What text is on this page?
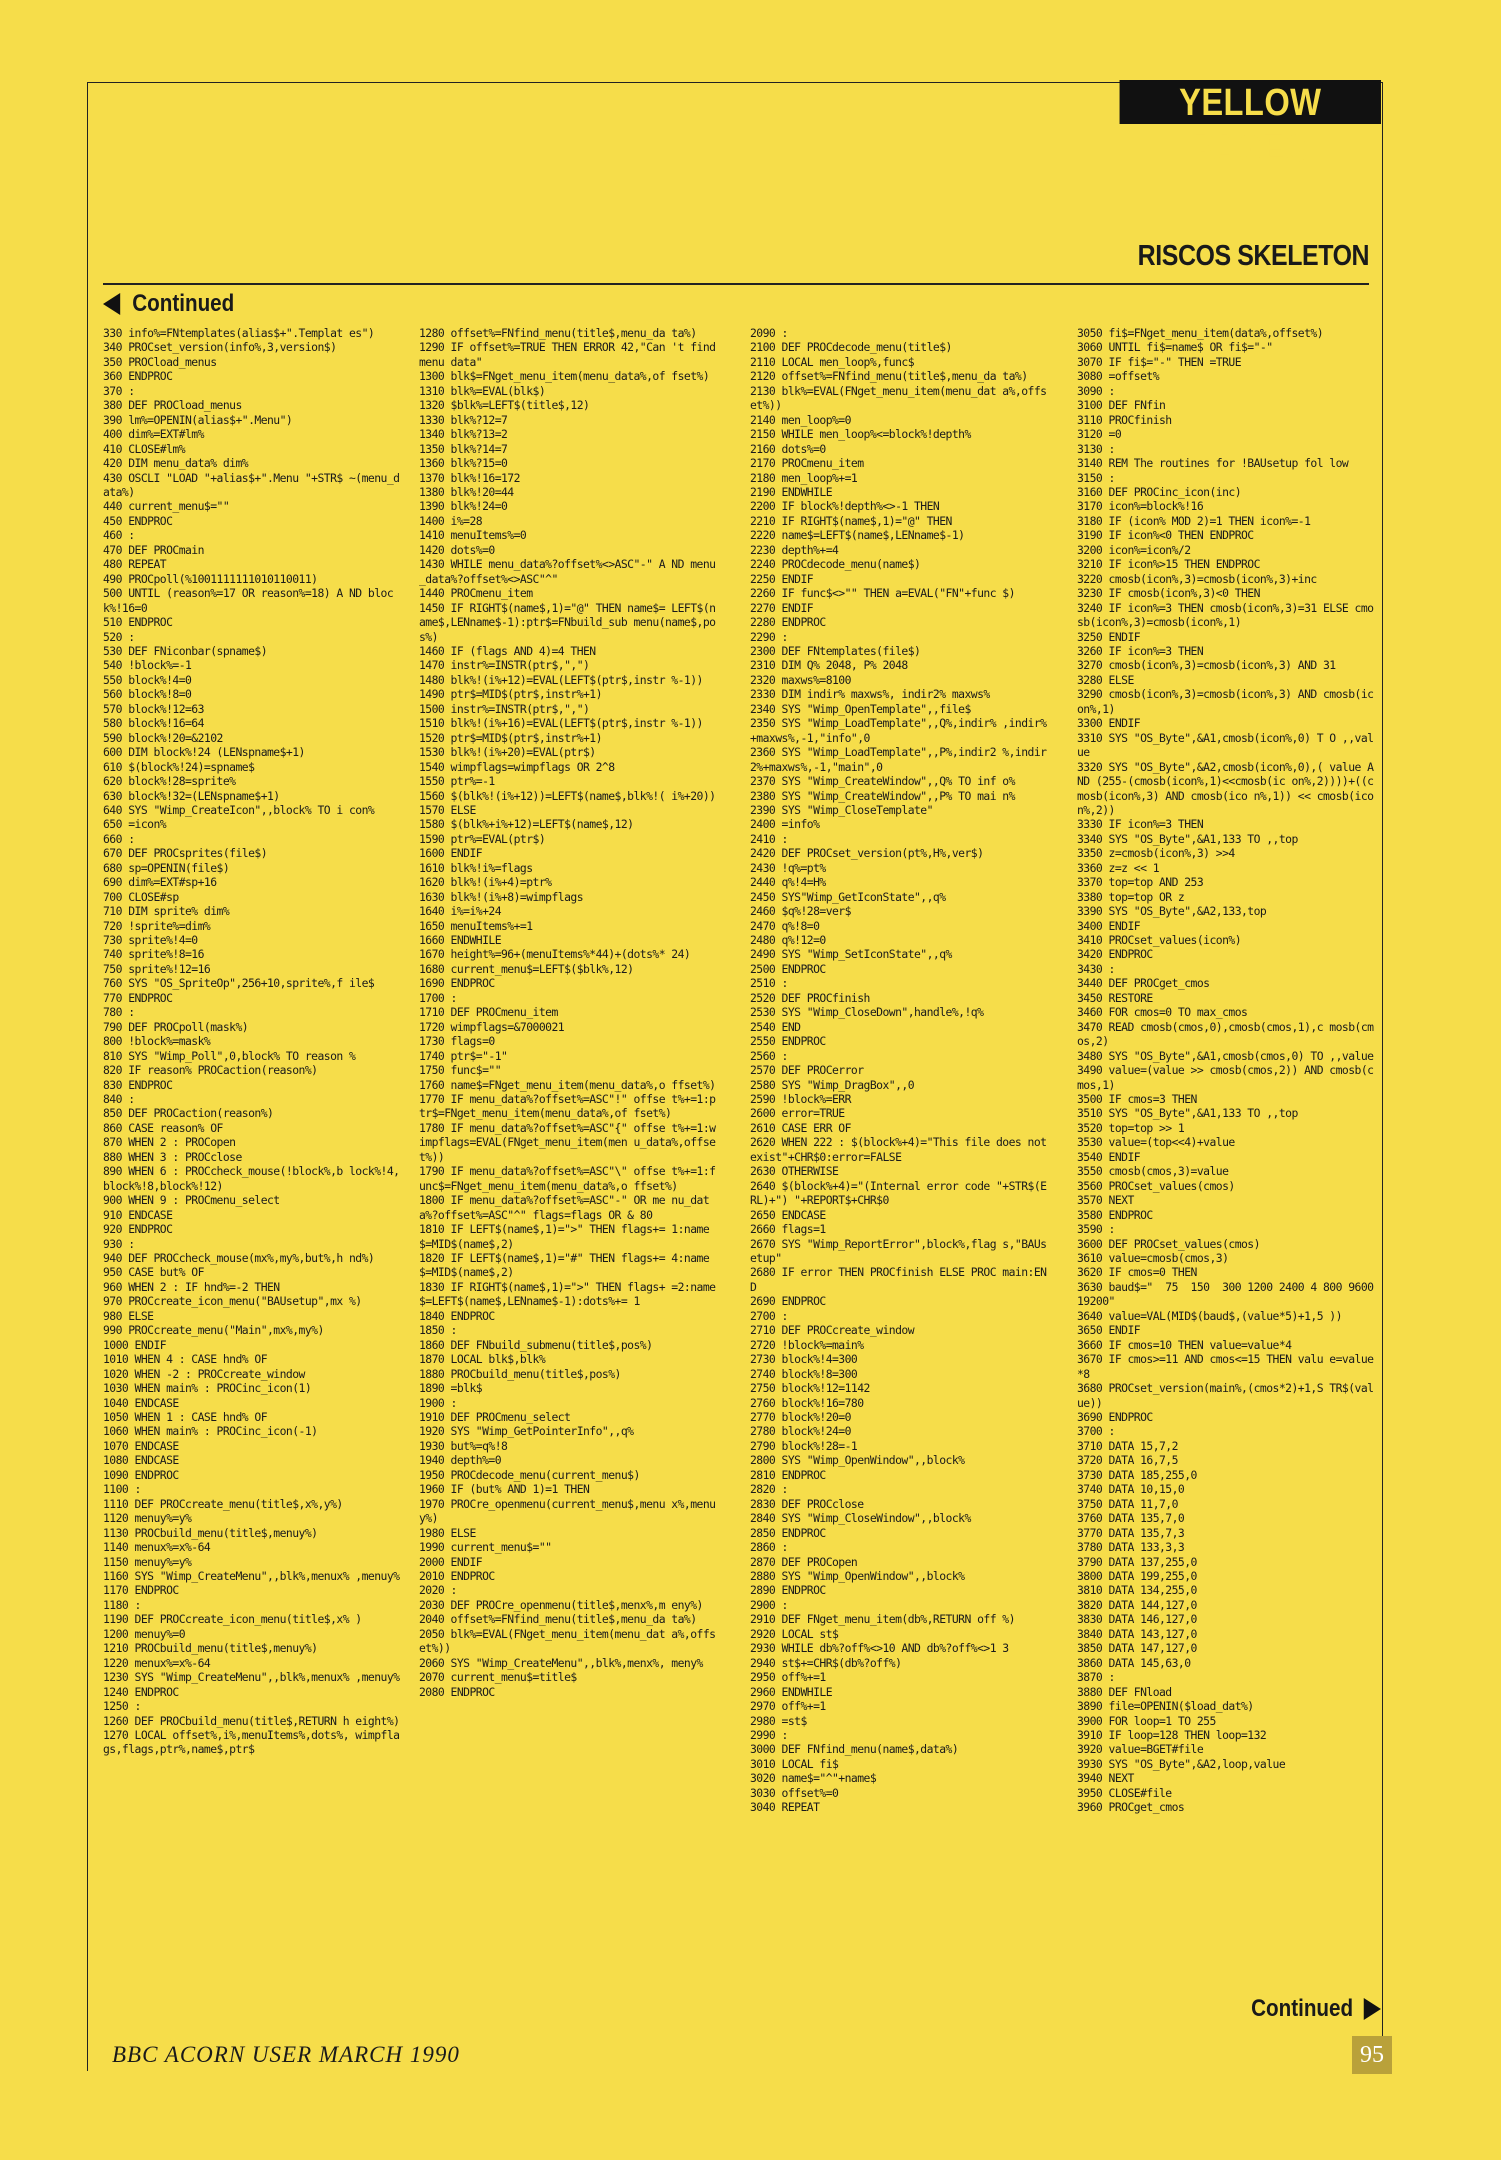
YELLOW PAGES
RISCOS SKELETON
Continued
330 info%=FNtemplates(alias$+".Templat es")
340 PROCset_version(info%,3,version$)
350 PROCload_menus
360 ENDPROC
370 :
380 DEF PROCload_menus
390 lm%=OPENIN(alias$+".Menu")
400 dim%=EXT#lm%
410 CLOSE#lm%
420 DIM menu_data% dim%
430 OSCLI "LOAD "+alias$+".Menu "+STR$ ~(menu_data%)
440 current_menu$=""
450 ENDPROC
460 :
470 DEF PROCmain
480 REPEAT
490 PROCpoll(%1001111111010110011)
500 UNTIL (reason%=17 OR reason%=18) A ND block%!16=0
510 ENDPROC
520 :
530 DEF FNiconbar(spname$)
540 !block%=-1
550 block%!4=0
560 block%!8=0
570 block%!12=63
580 block%!16=64
590 block%!20=&2102
600 DIM block%!24 (LENspname$+1)
610 $(block%!24)=spname$
620 block%!28=sprite%
630 block%!32=(LENspname$+1)
640 SYS "Wimp_CreateIcon",,block% TO i con%
650 =icon%
660 :
670 DEF PROCsprites(file$)
680 sp=OPENIN(file$)
690 dim%=EXT#sp+16
700 CLOSE#sp
710 DIM sprite% dim%
720 !sprite%=dim%
730 sprite%!4=0
740 sprite%!8=16
750 sprite%!12=16
760 SYS "OS_SpriteOp",256+10,sprite%,f ile$
770 ENDPROC
780 :
790 DEF PROCpoll(mask%)
800 !block%=mask%
810 SYS "Wimp_Poll",0,block% TO reason %
820 IF reason% PROCaction(reason%)
830 ENDPROC
840 :
850 DEF PROCaction(reason%)
860 CASE reason% OF
870 WHEN 2 : PROCopen
880 WHEN 3 : PROCclose
890 WHEN 6 : PROCcheck_mouse(!block%,b lock%!4,block%!8,block%!12)
900 WHEN 9 : PROCmenu_select
910 ENDCASE
920 ENDPROC
930 :
940 DEF PROCcheck_mouse(mx%,my%,but%,h nd%)
950 CASE but% OF
960 WHEN 2 : IF hnd%=-2 THEN
970 PROCcreate_icon_menu("BAUsetup",mx %)
980 ELSE
990 PROCcreate_menu("Main",mx%,my%)
1000 ENDIF
1010 WHEN 4 : CASE hnd% OF
1020 WHEN -2 : PROCcreate_window
1030 WHEN main% : PROCinc_icon(1)
1040 ENDCASE
1050 WHEN 1 : CASE hnd% OF
1060 WHEN main% : PROCinc_icon(-1)
1070 ENDCASE
1080 ENDCASE
1090 ENDPROC
1100 :
1110 DEF PROCcreate_menu(title$,x%,y%)
1120 menuy%=y%
1130 PROCbuild_menu(title$,menuy%)
1140 menux%=x%-64
1150 menuy%=y%
1160 SYS "Wimp_CreateMenu",,blk%,menux% ,menuy%
1170 ENDPROC
1180 :
1190 DEF PROCcreate_icon_menu(title$,x% )
1200 menuy%=0
1210 PROCbuild_menu(title$,menuy%)
1220 menux%=x%-64
1230 SYS "Wimp_CreateMenu",,blk%,menux% ,menuy%
1240 ENDPROC
1250 :
1260 DEF PROCbuild_menu(title$,RETURN h eight%)
1270 LOCAL offset%,i%,menuItems%,dots%, wimpflags,flags,ptr%,name$,ptr$
1280 offset%=FNfind_menu(title$,menu_da ta%)
1290 IF offset%=TRUE THEN ERROR 42,"Can 't find menu data"
1300 blk$=FNget_menu_item(menu_data%,of fset%)
1310 blk%=EVAL(blk$)
1320 $blk%=LEFT$(title$,12)
1330 blk%?12=7
1340 blk%?13=2
1350 blk%?14=7
1360 blk%?15=0
1370 blk%!16=172
1380 blk%!20=44
1390 blk%!24=0
1400 i%=28
1410 menuItems%=0
1420 dots%=0
1430 WHILE menu_data%?offset%<>ASC"-" A ND menu_data%?offset%<>ASC"^"
1440 PROCmenu_item
1450 IF RIGHT$(name$,1)="@" THEN name$= LEFT$(name$,LENname$-1):ptr$=FNbuild_sub menu(name$,pos%)
1460 IF (flags AND 4)=4 THEN
1470 instr%=INSTR(ptr$,",")
1480 blk%!(i%+12)=EVAL(LEFT$(ptr$,instr %-1))
1490 ptr$=MID$(ptr$,instr%+1)
1500 instr%=INSTR(ptr$,",")
1510 blk%!(i%+16)=EVAL(LEFT$(ptr$,instr %-1))
1520 ptr$=MID$(ptr$,instr%+1)
1530 blk%!(i%+20)=EVAL(ptr$)
1540 wimpflags=wimpflags OR 2^8
1550 ptr%=-1
1560 $(blk%!(i%+12))=LEFT$(name$,blk%!( i%+20))
1570 ELSE
1580 $(blk%+i%+12)=LEFT$(name$,12)
1590 ptr%=EVAL(ptr$)
1600 ENDIF
1610 blk%!i%=flags
1620 blk%!(i%+4)=ptr%
1630 blk%!(i%+8)=wimpflags
1640 i%=i%+24
1650 menuItems%+=1
1660 ENDWHILE
1670 height%=96+(menuItems%*44)+(dots%* 24)
1680 current_menu$=LEFT$($blk%,12)
1690 ENDPROC
1700 :
1710 DEF PROCmenu_item
1720 wimpflags=&7000021
1730 flags=0
1740 ptr$="-1"
1750 func$=""
1760 name$=FNget_menu_item(menu_data%,o ffset%)
1770 IF menu_data%?offset%=ASC"!" offse t%+=1:ptr$=FNget_menu_item(menu_data%,of fset%)
1780 IF menu_data%?offset%=ASC"{" offse t%+=1:wimpflags=EVAL(FNget_menu_item(men u_data%,offset%))
1790 IF menu_data%?offset%=ASC"\" offse t%+=1:func$=FNget_menu_item(menu_data%,o ffset%)
1800 IF menu_data%?offset%=ASC"-" OR me nu_data%?offset%=ASC"^" flags=flags OR & 80
1810 IF LEFT$(name$,1)=">" THEN flags+= 1:name$=MID$(name$,2)
1820 IF LEFT$(name$,1)="#" THEN flags+= 4:name$=MID$(name$,2)
1830 IF RIGHT$(name$,1)=">" THEN flags+ =2:name$=LEFT$(name$,LENname$-1):dots%+= 1
1840 ENDPROC
1850 :
1860 DEF FNbuild_submenu(title$,pos%)
1870 LOCAL blk$,blk%
1880 PROCbuild_menu(title$,pos%)
1890 =blk$
1900 :
1910 DEF PROCmenu_select
1920 SYS "Wimp_GetPointerInfo",,q%
1930 but%=q%!8
1940 depth%=0
1950 PROCdecode_menu(current_menu$)
1960 IF (but% AND 1)=1 THEN
1970 PROCre_openmenu(current_menu$,menu x%,menuy%)
1980 ELSE
1990 current_menu$=""
2000 ENDIF
2010 ENDPROC
2020 :
2030 DEF PROCre_openmenu(title$,menx%,m eny%)
2040 offset%=FNfind_menu(title$,menu_da ta%)
2050 blk%=EVAL(FNget_menu_item(menu_dat a%,offset%))
2060 SYS "Wimp_CreateMenu",,blk%,menx%, meny%
2070 current_menu$=title$
2080 ENDPROC
2090 :
2100 DEF PROCdecode_menu(title$)
2110 LOCAL men_loop%,func$
2120 offset%=FNfind_menu(title$,menu_da ta%)
2130 blk%=EVAL(FNget_menu_item(menu_dat a%,offset%))
2140 men_loop%=0
2150 WHILE men_loop%<=block%!depth%
2160 dots%=0
2170 PROCmenu_item
2180 men_loop%+=1
2190 ENDWHILE
2200 IF block%!depth%<>-1 THEN
2210 IF RIGHT$(name$,1)="@" THEN
2220 name$=LEFT$(name$,LENname$-1)
2230 depth%+=4
2240 PROCdecode_menu(name$)
2250 ENDIF
2260 IF func$<>"" THEN a=EVAL("FN"+func $)
2270 ENDIF
2280 ENDPROC
2290 :
2300 DEF FNtemplates(file$)
2310 DIM Q% 2048, P% 2048
2320 maxws%=8100
2330 DIM indir% maxws%, indir2% maxws%
2340 SYS "Wimp_OpenTemplate",,file$
2350 SYS "Wimp_LoadTemplate",,Q%,indir% ,indir%+maxws%,-1,"info",0
2360 SYS "Wimp_LoadTemplate",,P%,indir2 %,indir2%+maxws%,-1,"main",0
2370 SYS "Wimp_CreateWindow",,Q% TO inf o%
2380 SYS "Wimp_CreateWindow",,P% TO mai n%
2390 SYS "Wimp_CloseTemplate"
2400 =info%
2410 :
2420 DEF PROCset_version(pt%,H%,ver$)
2430 !q%=pt%
2440 q%!4=H%
2450 SYS"Wimp_GetIconState",,q%
2460 $q%!28=ver$
2470 q%!8=0
2480 q%!12=0
2490 SYS "Wimp_SetIconState",,q%
2500 ENDPROC
2510 :
2520 DEF PROCfinish
2530 SYS "Wimp_CloseDown",handle%,!q%
2540 END
2550 ENDPROC
2560 :
2570 DEF PROCerror
2580 SYS "Wimp_DragBox",,0
2590 !block%=ERR
2600 error=TRUE
2610 CASE ERR OF
2620 WHEN 222 : $(block%+4)="This file does not exist"+CHR$0:error=FALSE
2630 OTHERWISE
2640 $(block%+4)="(Internal error code "+STR$(ERL)+") "+REPORT$+CHR$0
2650 ENDCASE
2660 flags=1
2670 SYS "Wimp_ReportError",block%,flag s,"BAUsetup"
2680 IF error THEN PROCfinish ELSE PROC main:END
2690 ENDPROC
2700 :
2710 DEF PROCcreate_window
2720 !block%=main%
2730 block%!4=300
2740 block%!8=300
2750 block%!12=1142
2760 block%!16=780
2770 block%!20=0
2780 block%!24=0
2790 block%!28=-1
2800 SYS "Wimp_OpenWindow",,block%
2810 ENDPROC
2820 :
2830 DEF PROCclose
2840 SYS "Wimp_CloseWindow",,block%
2850 ENDPROC
2860 :
2870 DEF PROCopen
2880 SYS "Wimp_OpenWindow",,block%
2890 ENDPROC
2900 :
2910 DEF FNget_menu_item(db%,RETURN off %)
2920 LOCAL st$
2930 WHILE db%?off%<>10 AND db%?off%<>1 3
2940 st$+=CHR$(db%?off%)
2950 off%+=1
2960 ENDWHILE
2970 off%+=1
2980 =st$
2990 :
3000 DEF FNfind_menu(name$,data%)
3010 LOCAL fi$
3020 name$="^"+name$
3030 offset%=0
3040 REPEAT
3050 fi$=FNget_menu_item(data%,offset%)
3060 UNTIL fi$=name$ OR fi$="-"
3070 IF fi$="-" THEN =TRUE
3080 =offset%
3090 :
3100 DEF FNfin
3110 PROCfinish
3120 =0
3130 :
3140 REM The routines for !BAUsetup fol low
3150 :
3160 DEF PROCinc_icon(inc)
3170 icon%=block%!16
3180 IF (icon% MOD 2)=1 THEN icon%=-1
3190 IF icon%<0 THEN ENDPROC
3200 icon%=icon%/2
3210 IF icon%>15 THEN ENDPROC
3220 cmosb(icon%,3)=cmosb(icon%,3)+inc
3230 IF cmosb(icon%,3)<0 THEN
3240 IF icon%=3 THEN cmosb(icon%,3)=31 ELSE cmosb(icon%,3)=cmosb(icon%,1)
3250 ENDIF
3260 IF icon%=3 THEN
3270 cmosb(icon%,3)=cmosb(icon%,3) AND 31
3280 ELSE
3290 cmosb(icon%,3)=cmosb(icon%,3) AND cmosb(icon%,1)
3300 ENDIF
3310 SYS "OS_Byte",&A1,cmosb(icon%,0) T O ,,value
3320 SYS "OS_Byte",&A2,cmosb(icon%,0),( value AND (255-(cmosb(icon%,1)<<cmosb(ic on%,2))))+((cmosb(icon%,3) AND cmosb(ico n%,1)) << cmosb(icon%,2))
3330 IF icon%=3 THEN
3340 SYS "OS_Byte",&A1,133 TO ,,top
3350 z=cmosb(icon%,3) >>4
3360 z=z << 1
3370 top=top AND 253
3380 top=top OR z
3390 SYS "OS_Byte",&A2,133,top
3400 ENDIF
3410 PROCset_values(icon%)
3420 ENDPROC
3430 :
3440 DEF PROCget_cmos
3450 RESTORE
3460 FOR cmos=0 TO max_cmos
3470 READ cmosb(cmos,0),cmosb(cmos,1),c mosb(cmos,2)
3480 SYS "OS_Byte",&A1,cmosb(cmos,0) TO ,,value
3490 value=(value >> cmosb(cmos,2)) AND cmosb(cmos,1)
3500 IF cmos=3 THEN
3510 SYS "OS_Byte",&A1,133 TO ,,top
3520 top=top >> 1
3530 value=(top<<4)+value
3540 ENDIF
3550 cmosb(cmos,3)=value
3560 PROCset_values(cmos)
3570 NEXT
3580 ENDPROC
3590 :
3600 DEF PROCset_values(cmos)
3610 value=cmosb(cmos,3)
3620 IF cmos=0 THEN
3630 baud$="  75  150  300 1200 2400 4 800 960019200"
3640 value=VAL(MID$(baud$,(value*5)+1,5 ))
3650 ENDIF
3660 IF cmos=10 THEN value=value*4
3670 IF cmos>=11 AND cmos<=15 THEN valu e=value*8
3680 PROCset_version(main%,(cmos*2)+1,S TR$(value))
3690 ENDPROC
3700 :
3710 DATA 15,7,2
3720 DATA 16,7,5
3730 DATA 185,255,0
3740 DATA 10,15,0
3750 DATA 11,7,0
3760 DATA 135,7,0
3770 DATA 135,7,3
3780 DATA 133,3,3
3790 DATA 137,255,0
3800 DATA 199,255,0
3810 DATA 134,255,0
3820 DATA 144,127,0
3830 DATA 146,127,0
3840 DATA 143,127,0
3850 DATA 147,127,0
3860 DATA 145,63,0
3870 :
3880 DEF FNload
3890 file=OPENIN($load_dat%)
3900 FOR loop=1 TO 255
3910 IF loop=128 THEN loop=132
3920 value=BGET#file
3930 SYS "OS_Byte",&A2,loop,value
3940 NEXT
3950 CLOSE#file
3960 PROCget_cmos
Continued
BBC ACORN USER MARCH 1990	95
